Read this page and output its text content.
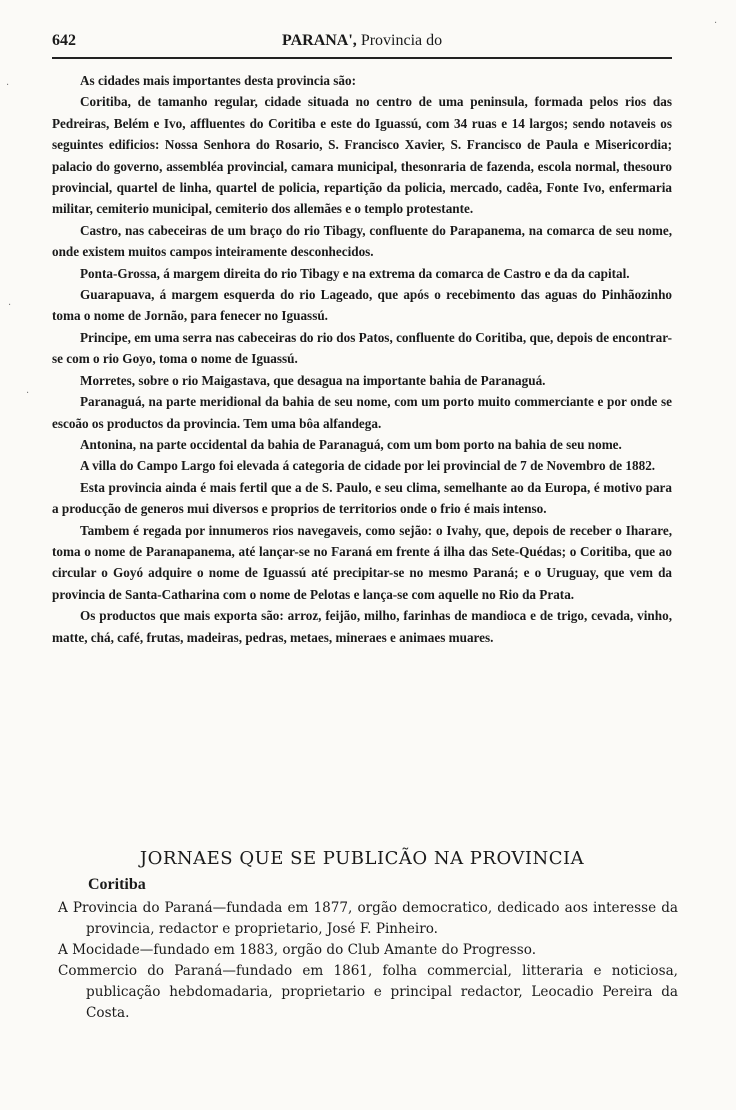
642	PARANA', Provincia do

As cidades mais importantes desta provincia são:

Coritiba, de tamanho regular, cidade situada no centro de uma peninsula, formada pelos rios das Pedreiras, Belém e Ivo, affluentes do Coritiba e este do Iguassú, com 34 ruas e 14 largos; sendo notaveis os seguintes edificios: Nossa Senhora do Rosario, S. Francisco Xavier, S. Francisco de Paula e Misericordia; palacio do governo, assembléa provincial, camara municipal, thesonraria de fazenda, escola normal, thesouro provincial, quartel de linha, quartel de policia, repartição da policia, mercado, cadêa, Fonte Ivo, enfermaria militar, cemiterio municipal, cemiterio dos allemães e o templo protestante.

Castro, nas cabeceiras de um braço do rio Tibagy, confluente do Parapanema, na comarca de seu nome, onde existem muitos campos inteiramente desconhecidos.

Ponta-Grossa, á margem direita do rio Tibagy e na extrema da comarca de Castro e da da capital.

Guarapuava, á margem esquerda do rio Lageado, que após o recebimento das aguas do Pinhãozinho toma o nome de Jornão, para fenecer no Iguassú.

Principe, em uma serra nas cabeceiras do rio dos Patos, confluente do Coritiba, que, depois de encontrar-se com o rio Goyo, toma o nome de Iguassú.

Morretes, sobre o rio Maigastava, que desagua na importante bahia de Paranaguá.

Paranaguá, na parte meridional da bahia de seu nome, com um porto muito commerciante e por onde se escoão os productos da provincia. Tem uma bôa alfandega.

Antonina, na parte occidental da bahia de Paranaguá, com um bom porto na bahia de seu nome.

A villa do Campo Largo foi elevada á categoria de cidade por lei provincial de 7 de Novembro de 1882.

Esta provincia ainda é mais fertil que a de S. Paulo, e seu clima, semelhante ao da Europa, é motivo para a producção de generos mui diversos e proprios de territorios onde o frio é mais intenso.

Tambem é regada por innumeros rios navegaveis, como sejão: o Ivahy, que, depois de receber o Iharare, toma o nome de Paranapanema, até lançar-se no Faraná em frente á ilha das Sete-Quédas; o Coritiba, que ao circular o Goyó adquire o nome de Iguassú até precipitar-se no mesmo Paraná; e o Uruguay, que vem da provincia de Santa-Catharina com o nome de Pelotas e lança-se com aquelle no Rio da Prata.

Os productos que mais exporta são: arroz, feijão, milho, farinhas de mandioca e de trigo, cevada, vinho, matte, chá, café, frutas, madeiras, pedras, metaes, mineraes e animaes muares.

JORNAES QUE SE PUBLICÃO NA PROVINCIA
Coritiba

A Provincia do Paraná—fundada em 1877, orgão democratico, dedicado aos interesse da provincia, redactor e proprietario, José F. Pinheiro.

A Mocidade—fundado em 1883, orgão do Club Amante do Progresso.

Commercio do Paraná—fundado em 1861, folha commercial, litteraria e noticiosa, publicação hebdomadaria, proprietario e principal redactor, Leocadio Pereira da Costa.

·
·
·
·
